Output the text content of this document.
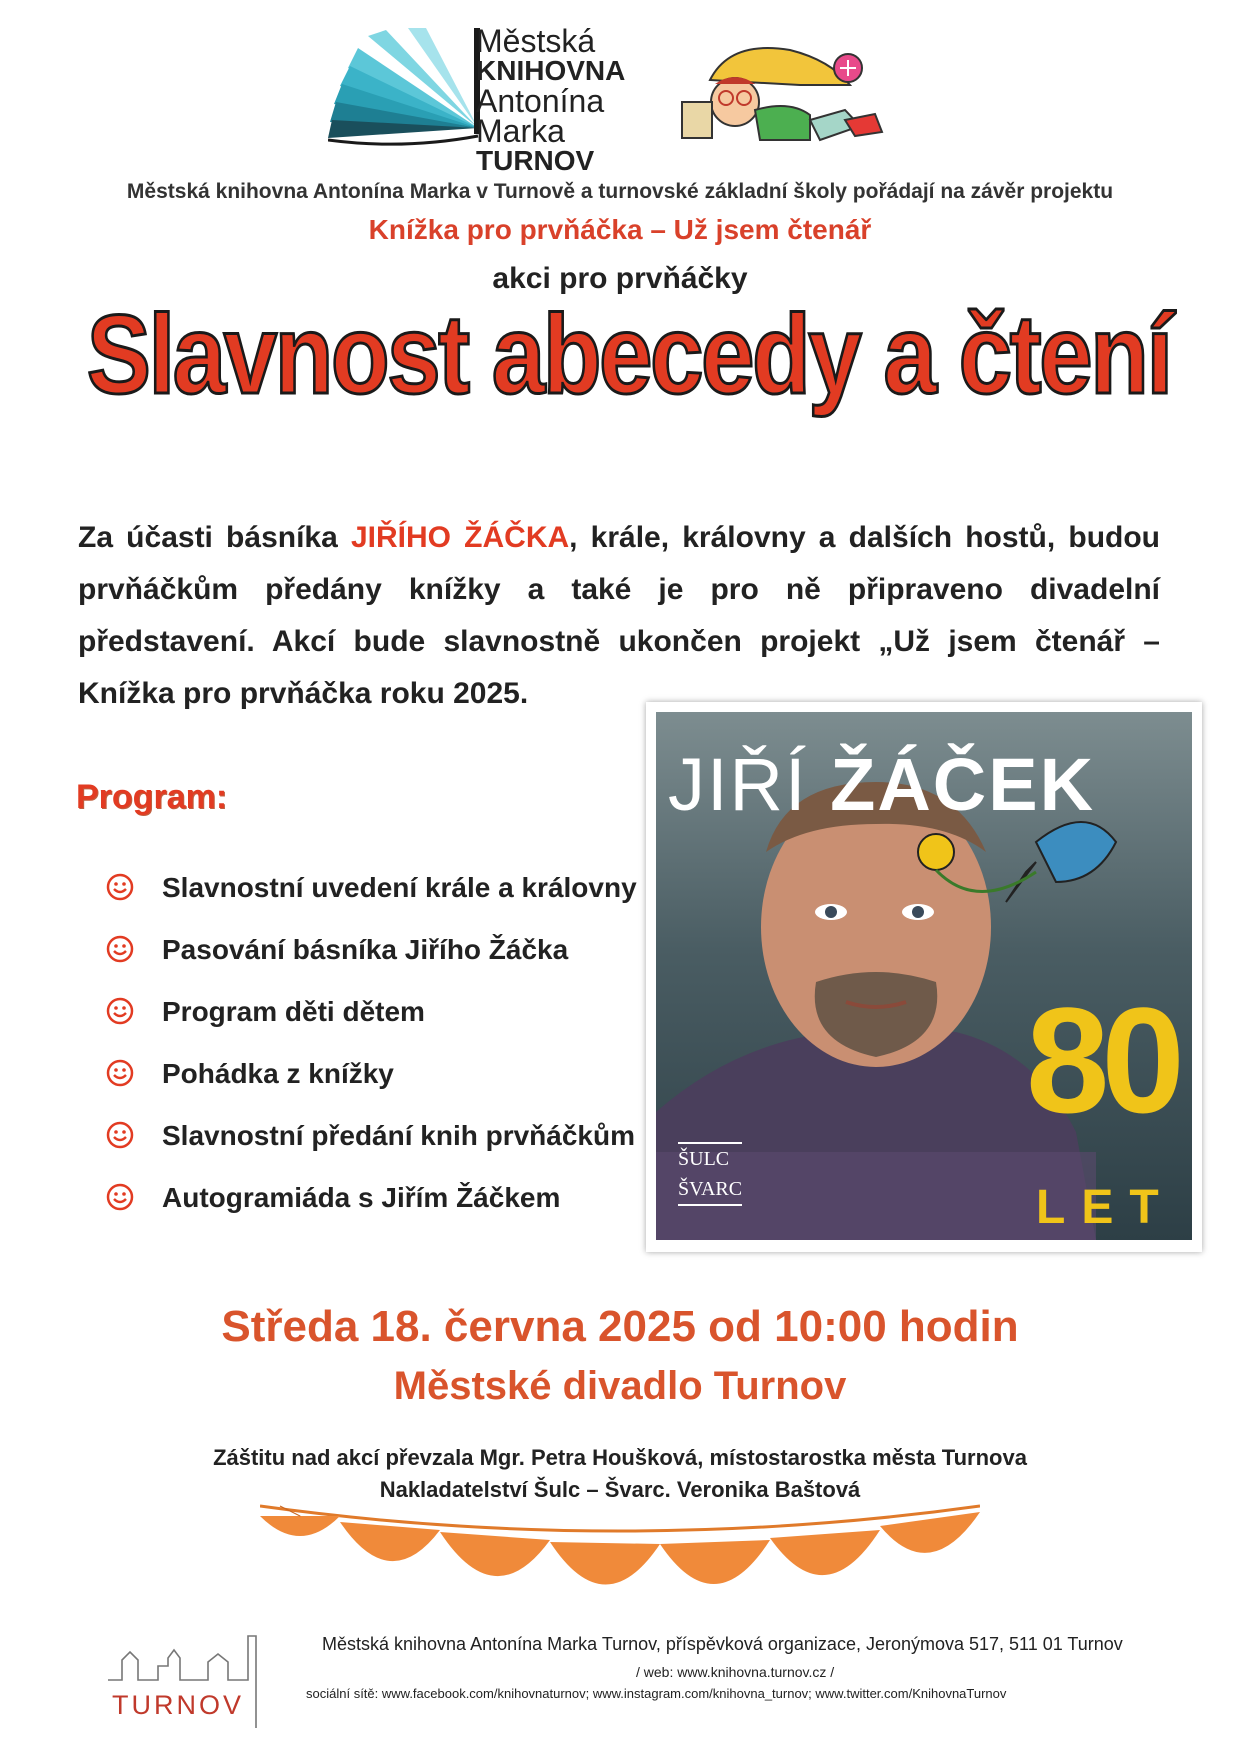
Městská
KNIHOVNA
Antonína
Marka
TURNOV
Městská knihovna Antonína Marka v Turnově a turnovské základní školy pořádají na závěr projektu
Knížka pro prvňáčka – Už jsem čtenář
akci pro prvňáčky
Slavnost abecedy a čtení
Za účasti básníka JIŘÍHO ŽÁČKA, krále, královny a dalších hostů, budou prvňáčkům předány knížky a také je pro ně připraveno divadelní představení. Akcí bude slavnostně ukončen projekt „Už jsem čtenář – Knížka pro prvňáčka roku 2025.
Program:
Slavnostní uvedení krále a královny
Pasování básníka Jiřího Žáčka
Program děti dětem
Pohádka z knížky
Slavnostní předání knih prvňáčkům
Autogramiáda s Jiřím Žáčkem
JIŘÍ ŽÁČEK
80
LET
ŠULC
ŠVARC
Středa 18. června 2025 od 10:00 hodin
Městské divadlo Turnov
Záštitu nad akcí převzala Mgr. Petra Houšková, místostarostka města Turnova
Nakladatelství Šulc – Švarc. Veronika Baštová
TURNOV
Městská knihovna Antonína Marka Turnov, příspěvková organizace, Jeronýmova 517, 511 01 Turnov
/ web: www.knihovna.turnov.cz /
sociální sítě: www.facebook.com/knihovnaturnov; www.instagram.com/knihovna_turnov; www.twitter.com/KnihovnaTurnov
